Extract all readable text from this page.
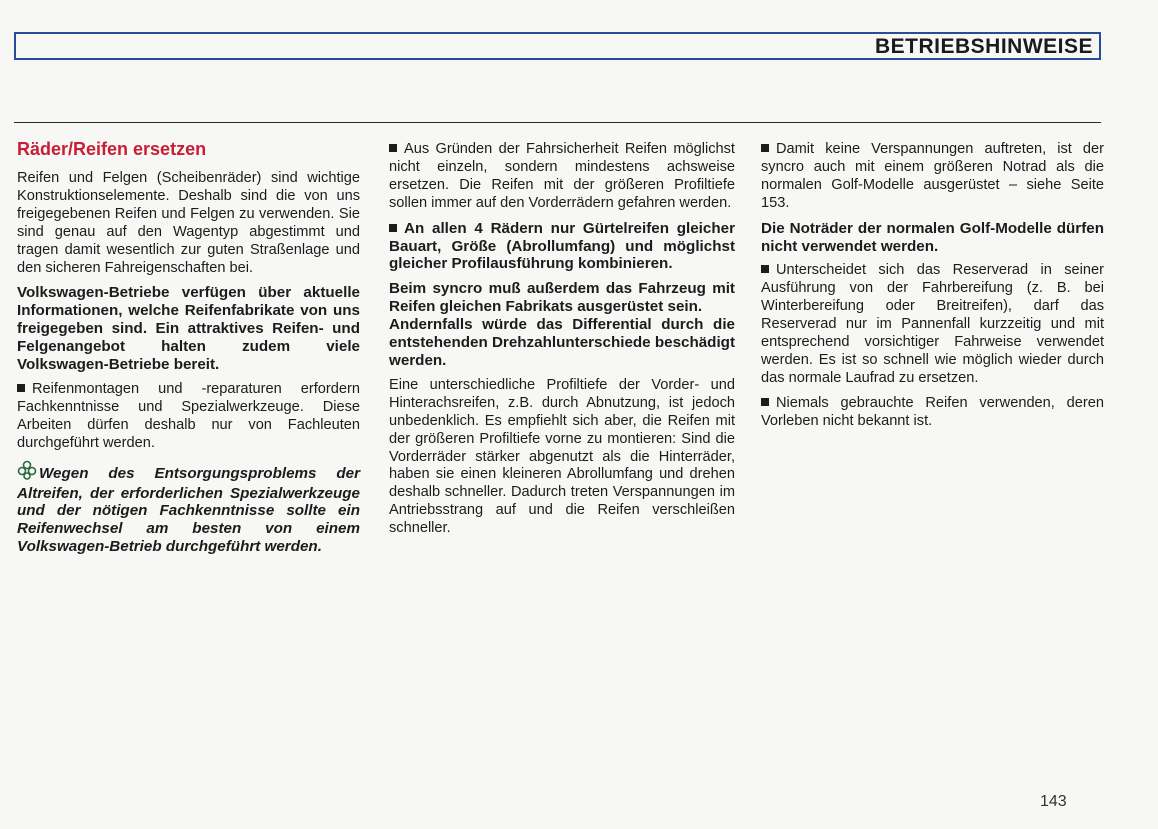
BETRIEBSHINWEISE
Räder/Reifen ersetzen

Reifen und Felgen (Scheibenräder) sind wichtige Konstruktionselemente. Deshalb sind die von uns freigegebenen Reifen und Felgen zu verwenden. Sie sind genau auf den Wagentyp abgestimmt und tragen damit wesentlich zur guten Straßenlage und den sicheren Fahreigenschaften bei.

Volkswagen-Betriebe verfügen über aktuelle Informationen, welche Reifenfabrikate von uns freigegeben sind. Ein attraktives Reifen- und Felgenangebot halten zudem viele Volkswagen-Betriebe bereit.

Reifenmontagen und -reparaturen erfordern Fachkenntnisse und Spezialwerkzeuge. Diese Arbeiten dürfen deshalb nur von Fachleuten durchgeführt werden.

Wegen des Entsorgungsproblems der Altreifen, der erforderlichen Spezialwerkzeuge und der nötigen Fachkenntnisse sollte ein Reifenwechsel am besten von einem Volkswagen-Betrieb durchgeführt werden.

Aus Gründen der Fahrsicherheit Reifen möglichst nicht einzeln, sondern mindestens achsweise ersetzen. Die Reifen mit der größeren Profiltiefe sollen immer auf den Vorderrädern gefahren werden.

An allen 4 Rädern nur Gürtelreifen gleicher Bauart, Größe (Abrollumfang) und möglichst gleicher Profilausführung kombinieren.

Beim syncro muß außerdem das Fahrzeug mit Reifen gleichen Fabrikats ausgerüstet sein.

Andernfalls würde das Differential durch die entstehenden Drehzahlunterschiede beschädigt werden.

Eine unterschiedliche Profiltiefe der Vorder- und Hinterachsreifen, z.B. durch Abnutzung, ist jedoch unbedenklich. Es empfiehlt sich aber, die Reifen mit der größeren Profiltiefe vorne zu montieren: Sind die Vorderräder stärker abgenutzt als die Hinterräder, haben sie einen kleineren Abrollumfang und drehen deshalb schneller. Dadurch treten Verspannungen im Antriebsstrang auf und die Reifen verschleißen schneller.

Damit keine Verspannungen auftreten, ist der syncro auch mit einem größeren Notrad als die normalen Golf-Modelle ausgerüstet – siehe Seite 153.

Die Noträder der normalen Golf-Modelle dürfen nicht verwendet werden.

Unterscheidet sich das Reserverad in seiner Ausführung von der Fahrbereifung (z. B. bei Winterbereifung oder Breitreifen), darf das Reserverad nur im Pannenfall kurzzeitig und mit entsprechend vorsichtiger Fahrweise verwendet werden. Es ist so schnell wie möglich wieder durch das normale Laufrad zu ersetzen.

Niemals gebrauchte Reifen verwenden, deren Vorleben nicht bekannt ist.

143
